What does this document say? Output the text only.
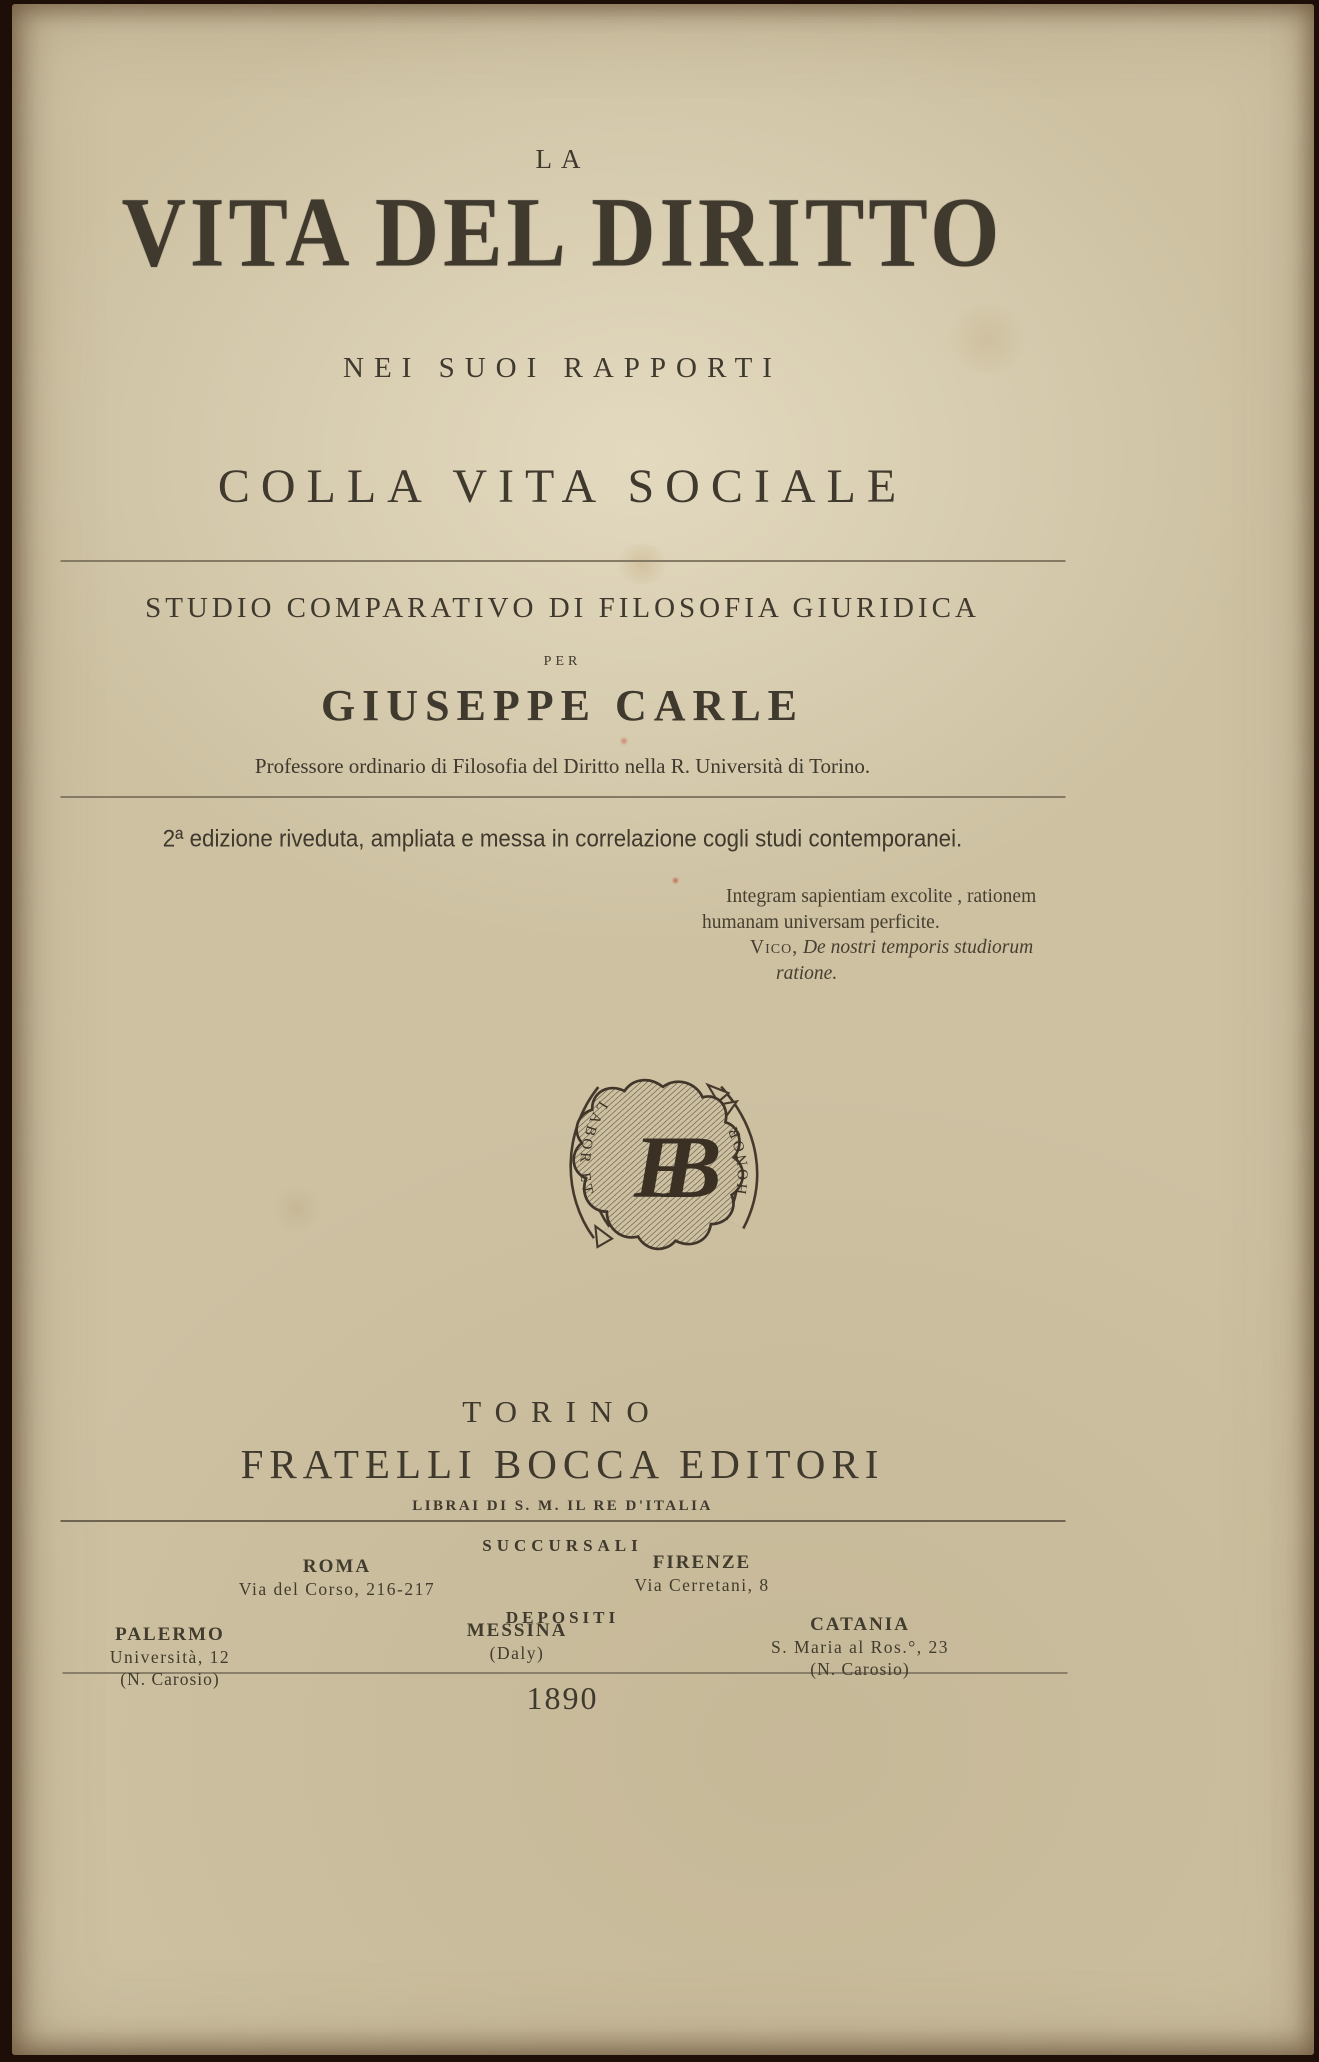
LA
VITA DEL DIRITTO
NEI SUOI RAPPORTI
COLLA VITA SOCIALE
STUDIO COMPARATIVO DI FILOSOFIA GIURIDICA
PER
GIUSEPPE CARLE
Professore ordinario di Filosofia del Diritto nella R. Università di Torino.
2ª edizione riveduta, ampliata e messa in correlazione cogli studi contemporanei.
TORINO
FRATELLI BOCCA EDITORI
LIBRAI DI S. M. IL RE D'ITALIA
SUCCURSALI
DEPOSITI
1890
Integram sapientiam excolite , rationem
humanam universam perficite.
Vico, De nostri temporis studiorum
ratione.
FB
LABOR ET	HONOR
ROMA
Via del Corso, 216-217
FIRENZE
Via Cerretani, 8
PALERMO
Università, 12
(N. Carosio)
MESSINA
(Daly)
CATANIA
S. Maria al Ros.°, 23
(N. Carosio)
